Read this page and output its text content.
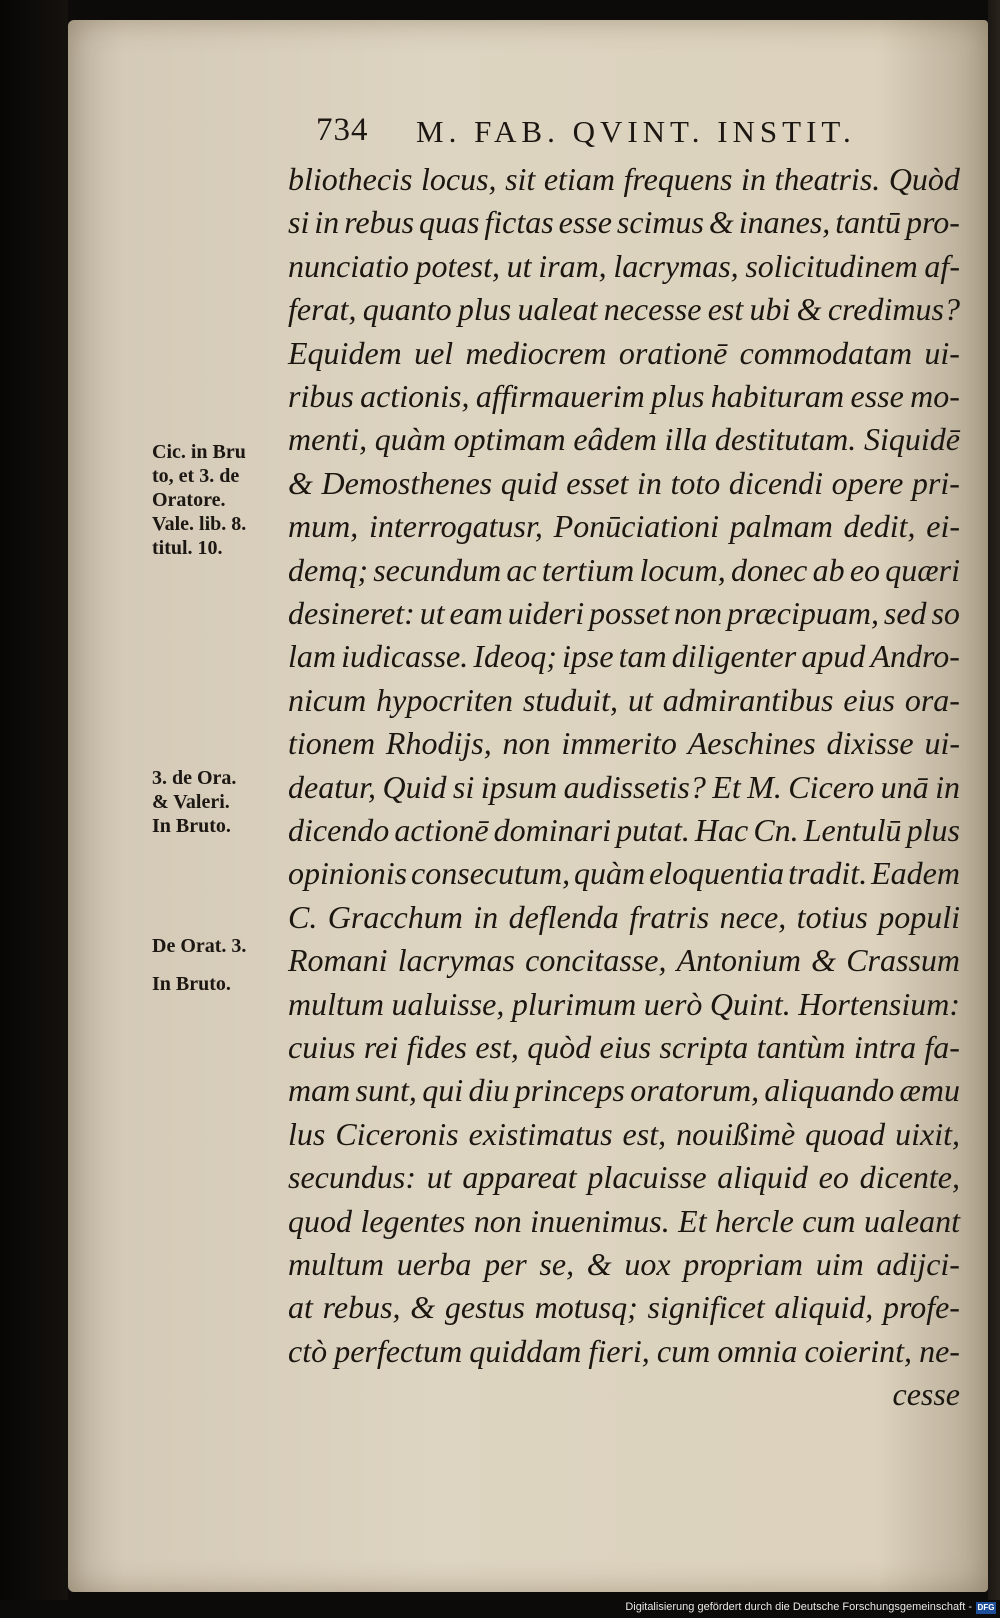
734 M. FAB. QVINT. INSTIT.
bliothecis locus, sit etiam frequens in theatris. Quòd
si in rebus quas fictas esse scimus & inanes, tantū pro-
nunciatio potest, ut iram, lacrymas, solicitudinem af-
ferat, quanto plus ualeat necesse est ubi & credimus?
Equidem uel mediocrem orationē commodatam ui-
ribus actionis, affirmauerim plus habituram esse mo-
menti, quàm optimam eâdem illa destitutam. Siquidē
& Demosthenes quid esset in toto dicendi opere pri-
mum, interrogatusr, Ponūciationi palmam dedit, ei-
demq; secundum ac tertium locum, donec ab eo quæri
desineret: ut eam uideri posset non præcipuam, sed so
lam iudicasse. Ideoq; ipse tam diligenter apud Andro-
nicum hypocriten studuit, ut admirantibus eius ora-
tionem Rhodijs, non immerito Aeschines dixisse ui-
deatur, Quid si ipsum audissetis? Et M. Cicero unā in
dicendo actionē dominari putat. Hac Cn. Lentulū plus
opinionis consecutum, quàm eloquentia tradit. Eadem
C. Gracchum in deflenda fratris nece, totius populi
Romani lacrymas concitasse, Antonium & Crassum
multum ualuisse, plurimum uerò Quint. Hortensium:
cuius rei fides est, quòd eius scripta tantùm intra fa-
mam sunt, qui diu princeps oratorum, aliquando æmu
lus Ciceronis existimatus est, nouißimè quoad uixit,
secundus: ut appareat placuisse aliquid eo dicente,
quod legentes non inuenimus. Et hercle cum ualeant
multum uerba per se, & uox propriam uim adijci-
at rebus, & gestus motusq; significet aliquid, profe-
ctò perfectum quiddam fieri, cum omnia coierint, ne-
cesse
Cic. in Bru
to, et 3. de
Oratore.
Vale. lib. 8.
titul. 10.
3. de Ora.
& Valeri.
In Bruto.
De Orat. 3.
In Bruto.
Digitalisierung gefördert durch die Deutsche Forschungsgemeinschaft - DFG
